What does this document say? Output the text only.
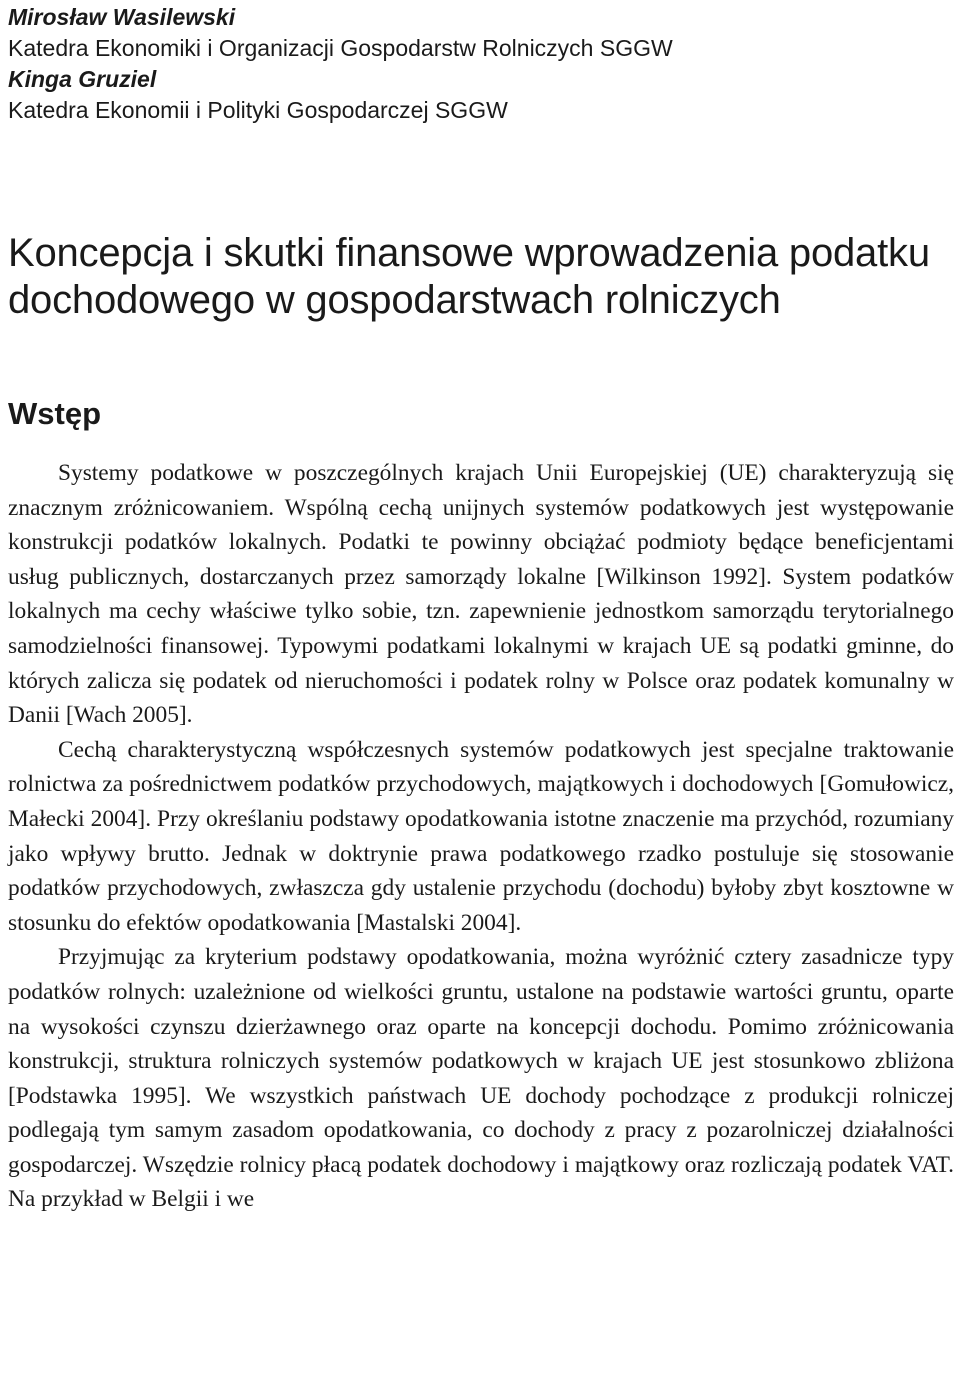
Mirosław Wasilewski
Katedra Ekonomiki i Organizacji Gospodarstw Rolniczych SGGW
Kinga Gruziel
Katedra Ekonomii i Polityki Gospodarczej SGGW
Koncepcja i skutki finansowe wprowadzenia podatku dochodowego w gospodarstwach rolniczych
Wstęp

Systemy podatkowe w poszczególnych krajach Unii Europejskiej (UE) charakteryzują się znacznym zróżnicowaniem. Wspólną cechą unijnych systemów podatkowych jest występowanie konstrukcji podatków lokalnych. Podatki te powinny obciążać podmioty będące beneficjentami usług publicznych, dostarczanych przez samorządy lokalne [Wilkinson 1992]. System podatków lokalnych ma cechy właściwe tylko sobie, tzn. zapewnienie jednostkom samorządu terytorialnego samodzielności finansowej. Typowymi podatkami lokalnymi w krajach UE są podatki gminne, do których zalicza się podatek od nieruchomości i podatek rolny w Polsce oraz podatek komunalny w Danii [Wach 2005].

Cechą charakterystyczną współczesnych systemów podatkowych jest specjalne traktowanie rolnictwa za pośrednictwem podatków przychodowych, majątkowych i dochodowych [Gomułowicz, Małecki 2004]. Przy określaniu podstawy opodatkowania istotne znaczenie ma przychód, rozumiany jako wpływy brutto. Jednak w doktrynie prawa podatkowego rzadko postuluje się stosowanie podatków przychodowych, zwłaszcza gdy ustalenie przychodu (dochodu) byłoby zbyt kosztowne w stosunku do efektów opodatkowania [Mastalski 2004].

Przyjmując za kryterium podstawy opodatkowania, można wyróżnić cztery zasadnicze typy podatków rolnych: uzależnione od wielkości gruntu, ustalone na podstawie wartości gruntu, oparte na wysokości czynszu dzierżawnego oraz oparte na koncepcji dochodu. Pomimo zróżnicowania konstrukcji, struktura rolniczych systemów podatkowych w krajach UE jest stosunkowo zbliżona [Podstawka 1995]. We wszystkich państwach UE dochody pochodzące z produkcji rolniczej podlegają tym samym zasadom opodatkowania, co dochody z pracy z pozarolniczej działalności gospodarczej. Wszędzie rolnicy płacą podatek dochodowy i majątkowy oraz rozliczają podatek VAT. Na przykład w Belgii i we
